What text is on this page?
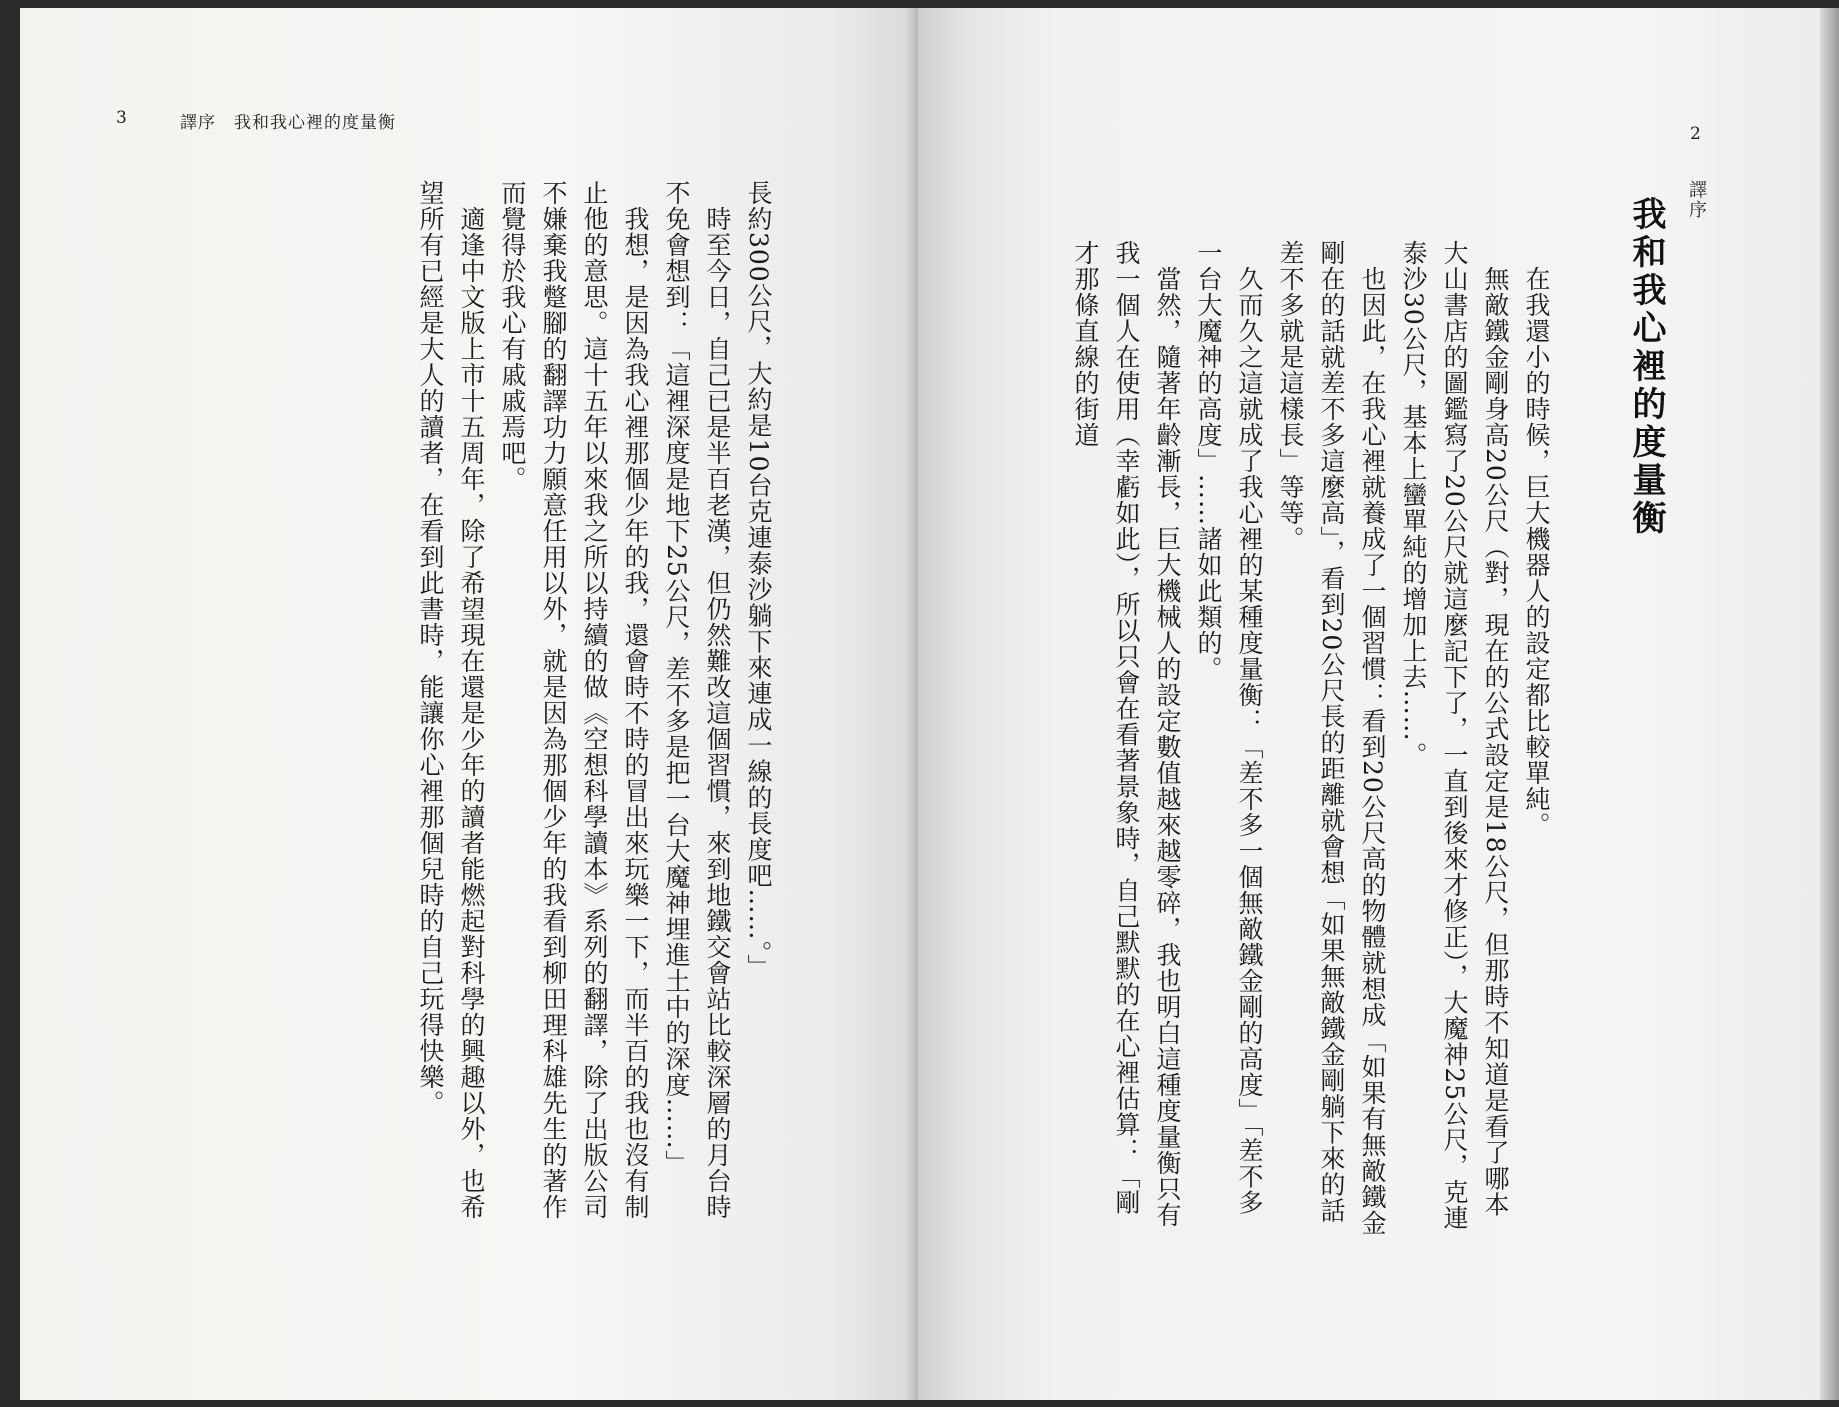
3	譯序　我和我心裡的度量衡

長約300公尺，大約是10台克連泰沙躺下來連成一線的長度吧……。」

　時至今日，自己已是半百老漢，但仍然難改這個習慣，來到地鐵交會站比較深層的月台時不免會想到：「這裡深度是地下25公尺，差不多是把一台大魔神埋進土中的深度……」

　我想，是因為我心裡那個少年的我，還會時不時的冒出來玩樂一下，而半百的我也沒有制止他的意思。這十五年以來我之所以持續的做《空想科學讀本》系列的翻譯，除了出版公司不嫌棄我蹩腳的翻譯功力願意任用以外，就是因為那個少年的我看到柳田理科雄先生的著作而覺得於我心有戚戚焉吧。

　適逢中文版上市十五周年，除了希望現在還是少年的讀者能燃起對科學的興趣以外，也希望所有已經是大人的讀者，在看到此書時，能讓你心裡那個兒時的自己玩得快樂。

2
譯序
我和我心裡的度量衡

　在我還小的時候，巨大機器人的設定都比較單純。

　無敵鐵金剛身高20公尺（對，現在的公式設定是18公尺，但那時不知道是看了哪本大山書店的圖鑑寫了20公尺就這麼記下了，一直到後來才修正），大魔神25公尺，克連泰沙30公尺，基本上蠻單純的增加上去……。

　也因此，在我心裡就養成了一個習慣：看到20公尺高的物體就想成「如果有無敵鐵金剛在的話就差不多這麼高」，看到20公尺長的距離就會想「如果無敵鐵金剛躺下來的話差不多就是這樣長」等等。

　久而久之這就成了我心裡的某種度量衡：「差不多一個無敵鐵金剛的高度」「差不多一台大魔神的高度」……諸如此類的。

　當然，隨著年齡漸長，巨大機械人的設定數值越來越零碎，我也明白這種度量衡只有我一個人在使用（幸虧如此），所以只會在看著景象時，自己默默的在心裡估算：「剛才那條直線的街道
